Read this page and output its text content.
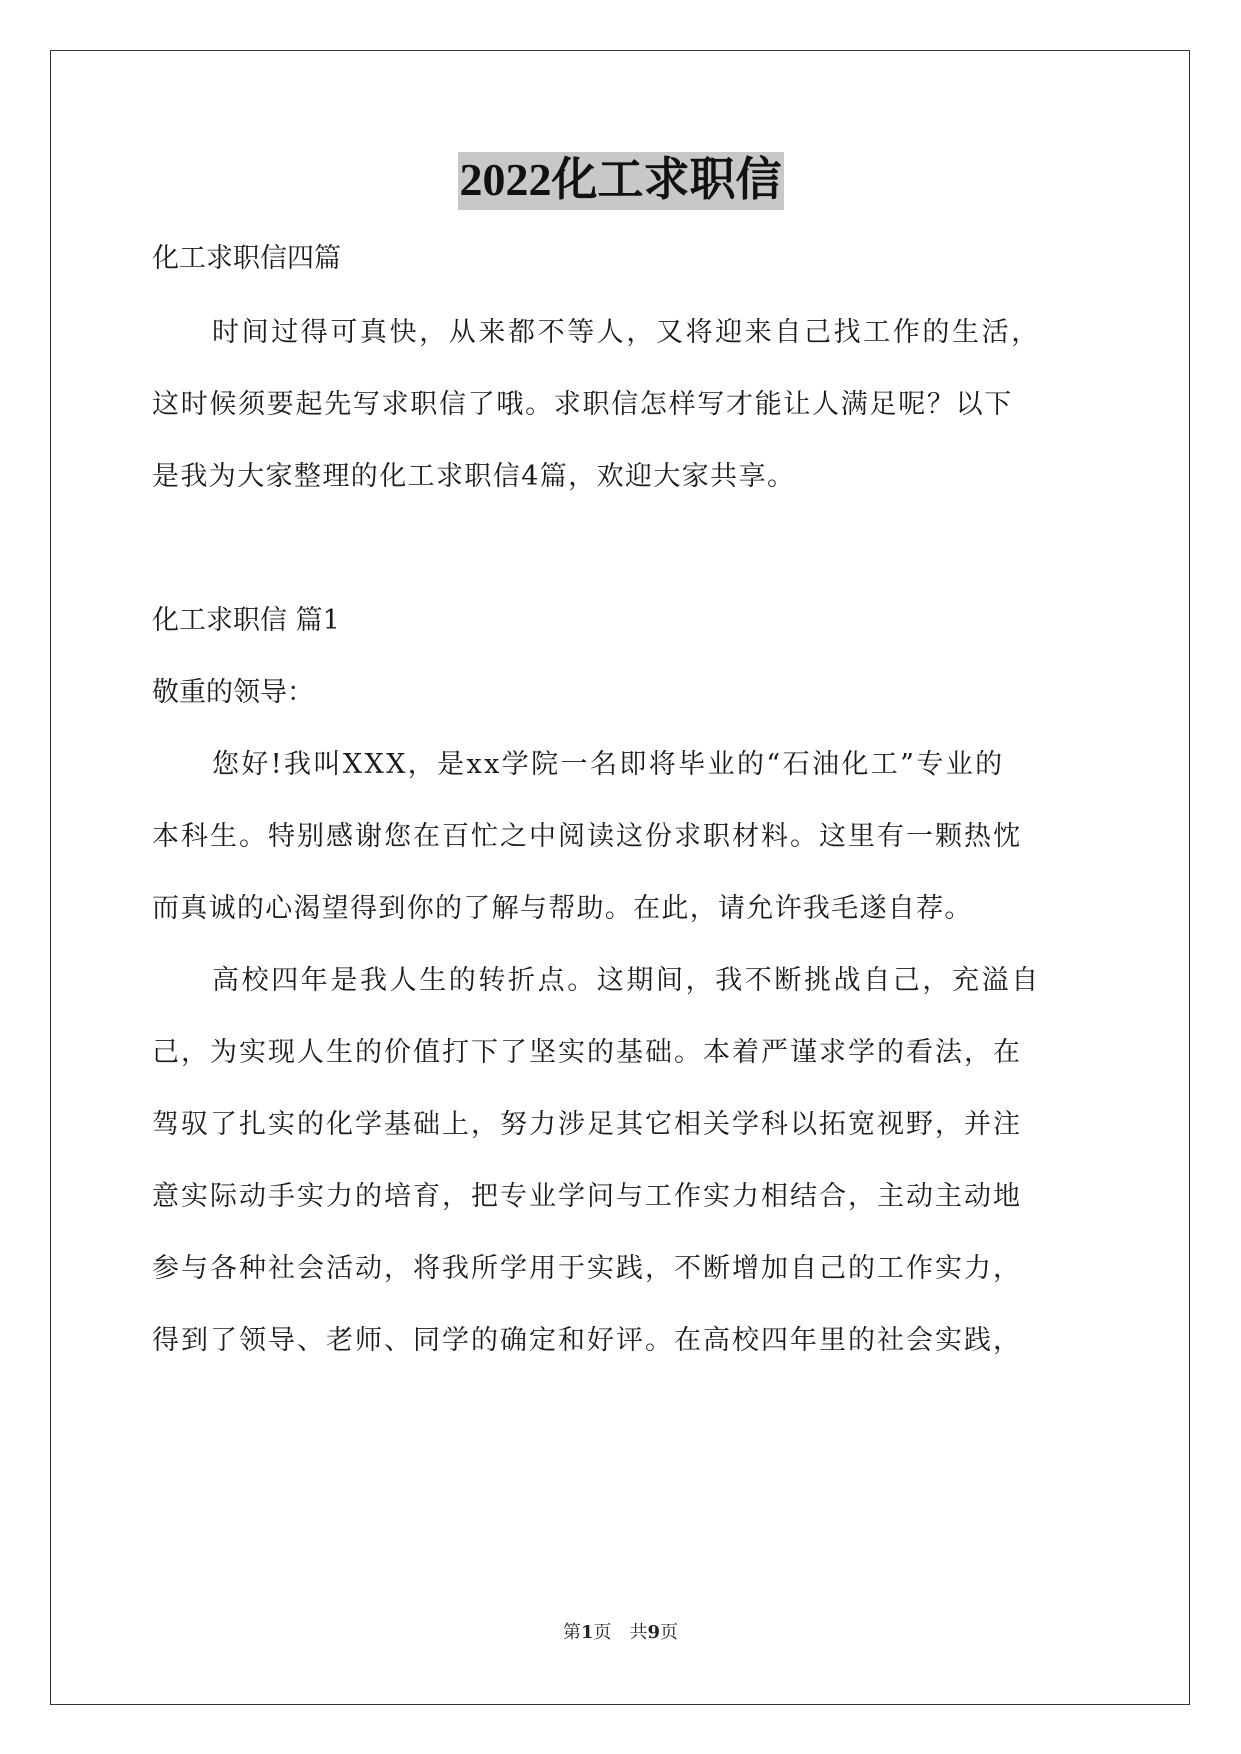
2022化工求职信

化工求职信四篇

时间过得可真快，从来都不等人，又将迎来自己找工作的生活，

这时候须要起先写求职信了哦。求职信怎样写才能让人满足呢？以下

是我为大家整理的化工求职信4篇，欢迎大家共享。

化工求职信 篇1

敬重的领导：

您好!我叫XXX，是xx学院一名即将毕业的“石油化工”专业的

本科生。特别感谢您在百忙之中阅读这份求职材料。这里有一颗热忱

而真诚的心渴望得到你的了解与帮助。在此，请允许我毛遂自荐。

高校四年是我人生的转折点。这期间，我不断挑战自己，充溢自

己，为实现人生的价值打下了坚实的基础。本着严谨求学的看法，在

驾驭了扎实的化学基础上，努力涉足其它相关学科以拓宽视野，并注

意实际动手实力的培育，把专业学问与工作实力相结合，主动主动地

参与各种社会活动，将我所学用于实践，不断增加自己的工作实力，

得到了领导、老师、同学的确定和好评。在高校四年里的社会实践，

第1页 共9页
